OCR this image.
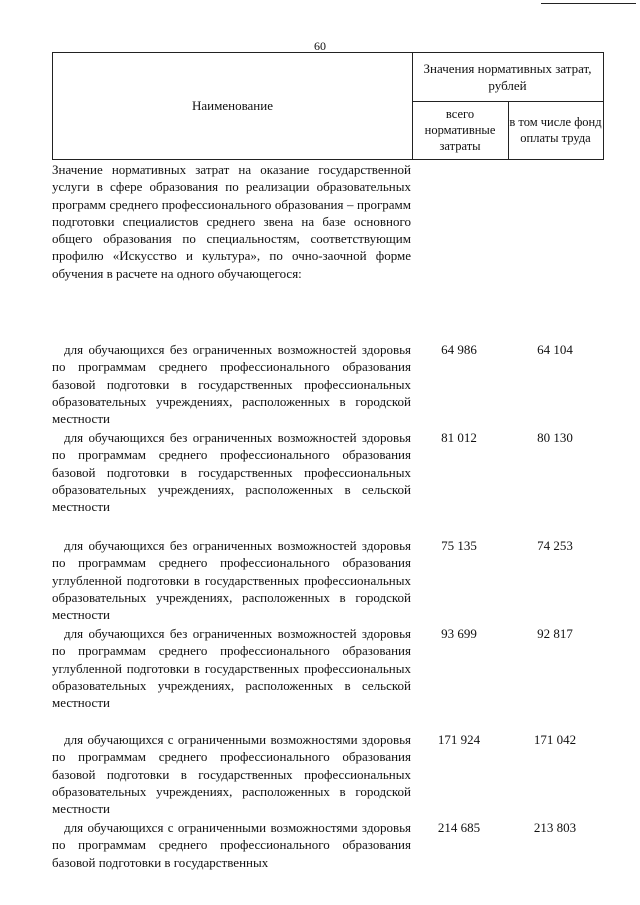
60
Наименование
Значения нормативных затрат, рублей
всего нормативные затраты
в том числе фонд оплаты труда
Значение нормативных затрат на оказание государственной услуги в сфере образования по реализации образовательных программ среднего профессионального образования – программ подготовки специалистов среднего звена на базе основного общего образования по специальностям, соответствующим профилю «Искусство и культура», по очно-заочной форме обучения в расчете на одного обучающегося:
для обучающихся без ограниченных возможностей здоровья по программам среднего профессионального образования базовой подготовки в государственных профессиональных образовательных учреждениях, расположенных в городской местности
64 986	64 104
для обучающихся без ограниченных возможностей здоровья по программам среднего профессионального образования базовой подготовки в государственных профессиональных образовательных учреждениях, расположенных в сельской местности
81 012	80 130
для обучающихся без ограниченных возможностей здоровья по программам среднего профессионального образования углубленной подготовки в государственных профессиональных образовательных учреждениях, расположенных в городской местности
75 135	74 253
для обучающихся без ограниченных возможностей здоровья по программам среднего профессионального образования углубленной подготовки в государственных профессиональных образовательных учреждениях, расположенных в сельской местности
93 699	92 817
для обучающихся с ограниченными возможностями здоровья по программам среднего профессионального образования базовой подготовки в государственных профессиональных образовательных учреждениях, расположенных в городской местности
171 924	171 042
для обучающихся с ограниченными возможностями здоровья по программам среднего профессионального образования базовой подготовки в государственных
214 685	213 803
